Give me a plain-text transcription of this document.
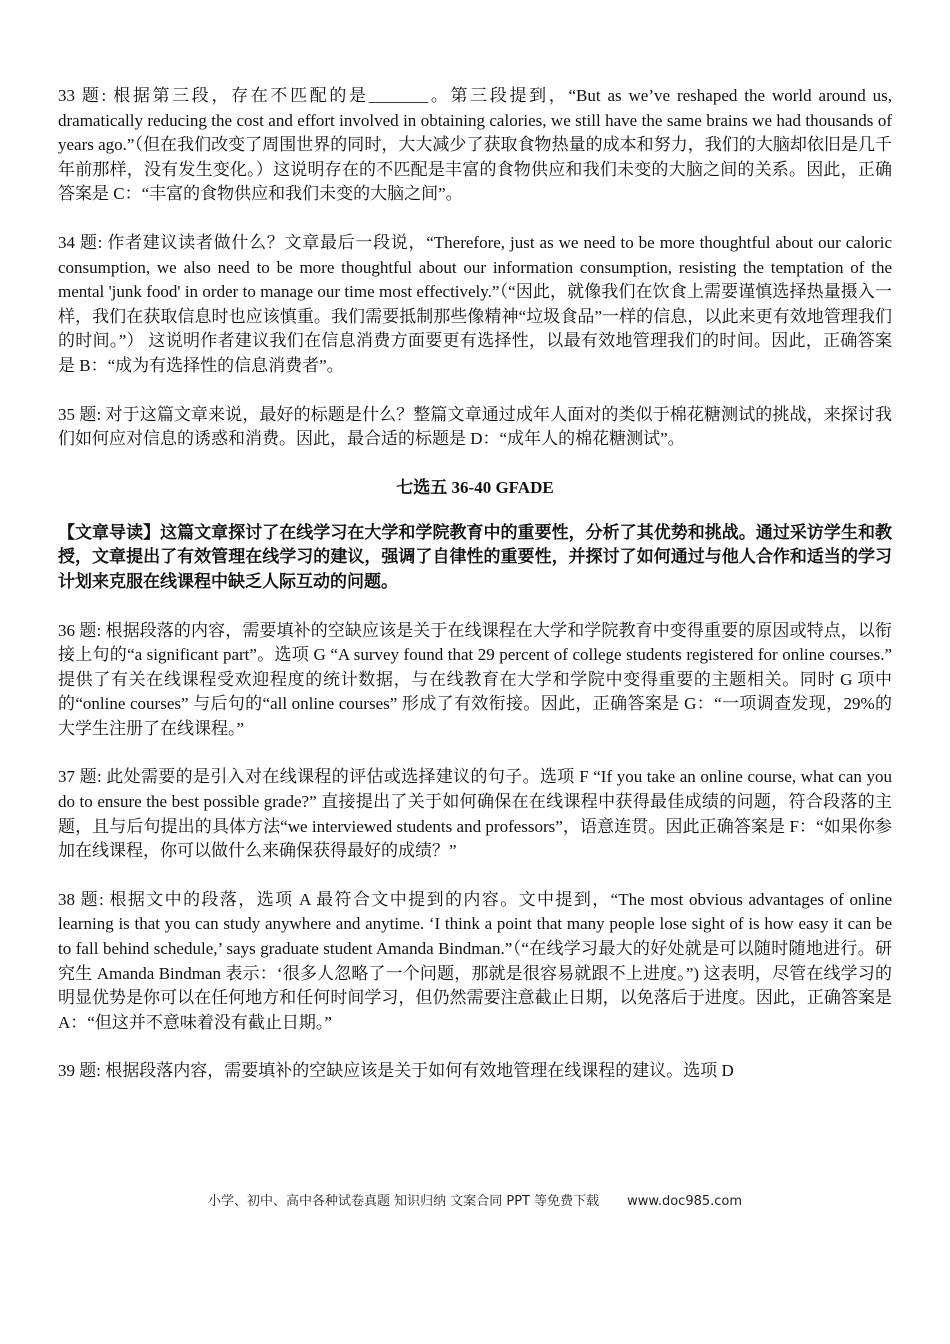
33 题: 根据第三段，存在不匹配的是_______。第三段提到，“But as we’ve reshaped the world around us, dramatically reducing the cost and effort involved in obtaining calories, we still have the same brains we had thousands of years ago.”（但在我们改变了周围世界的同时，大大减少了获取食物热量的成本和努力，我们的大脑却依旧是几千年前那样，没有发生变化。）这说明存在的不匹配是丰富的食物供应和我们未变的大脑之间的关系。因此，正确答案是 C：“丰富的食物供应和我们未变的大脑之间”。

34 题: 作者建议读者做什么？文章最后一段说，“Therefore, just as we need to be more thoughtful about our caloric consumption, we also need to be more thoughtful about our information consumption, resisting the temptation of the mental 'junk food' in order to manage our time most effectively.”（“因此，就像我们在饮食上需要谨慎选择热量摄入一样，我们在获取信息时也应该慎重。我们需要抵制那些像精神“垃圾食品”一样的信息，以此来更有效地管理我们的时间。”） 这说明作者建议我们在信息消费方面要更有选择性，以最有效地管理我们的时间。因此，正确答案是 B：“成为有选择性的信息消费者”。

35 题: 对于这篇文章来说，最好的标题是什么？整篇文章通过成年人面对的类似于棉花糖测试的挑战，来探讨我们如何应对信息的诱惑和消费。因此，最合适的标题是 D：“成年人的棉花糖测试”。

七选五 36-40 GFADE

【文章导读】这篇文章探讨了在线学习在大学和学院教育中的重要性，分析了其优势和挑战。通过采访学生和教授，文章提出了有效管理在线学习的建议，强调了自律性的重要性，并探讨了如何通过与他人合作和适当的学习计划来克服在线课程中缺乏人际互动的问题。

36 题: 根据段落的内容，需要填补的空缺应该是关于在线课程在大学和学院教育中变得重要的原因或特点，以衔接上句的“a significant part”。选项 G “A survey found that 29 percent of college students registered for online courses.” 提供了有关在线课程受欢迎程度的统计数据，与在线教育在大学和学院中变得重要的主题相关。同时 G 项中的“online courses” 与后句的“all online courses” 形成了有效衔接。因此，正确答案是 G：“一项调查发现，29%的大学生注册了在线课程。”

37 题: 此处需要的是引入对在线课程的评估或选择建议的句子。选项 F “If you take an online course, what can you do to ensure the best possible grade?” 直接提出了关于如何确保在在线课程中获得最佳成绩的问题，符合段落的主题，且与后句提出的具体方法“we interviewed students and professors”，语意连贯。因此正确答案是 F：“如果你参加在线课程，你可以做什么来确保获得最好的成绩？”

38 题: 根据文中的段落，选项 A 最符合文中提到的内容。文中提到，“The most obvious advantages of online learning is that you can study anywhere and anytime. ‘I think a point that many people lose sight of is how easy it can be to fall behind schedule,’ says graduate student Amanda Bindman.”（“在线学习最大的好处就是可以随时随地进行。研究生 Amanda Bindman 表示：‘很多人忽略了一个问题，那就是很容易就跟不上进度。”) 这表明，尽管在线学习的明显优势是你可以在任何地方和任何时间学习，但仍然需要注意截止日期，以免落后于进度。因此，正确答案是 A：“但这并不意味着没有截止日期。”

39 题: 根据段落内容，需要填补的空缺应该是关于如何有效地管理在线课程的建议。选项 D

小学、初中、高中各种试卷真题 知识归纳 文案合同 PPT 等免费下载 www.doc985.com
